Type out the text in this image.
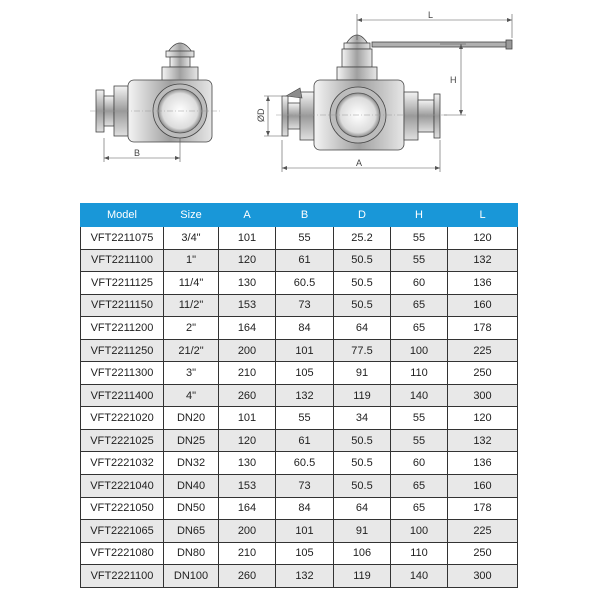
B
L
H
ØD
A
Model	Size	A	B	D	H	L
VFT2211075	3/4"	101	55	25.2	55	120
VFT2211100	1"	120	61	50.5	55	132
VFT2211125	11/4"	130	60.5	50.5	60	136
VFT2211150	11/2"	153	73	50.5	65	160
VFT2211200	2"	164	84	64	65	178
VFT2211250	21/2"	200	101	77.5	100	225
VFT2211300	3"	210	105	91	110	250
VFT2211400	4"	260	132	119	140	300
VFT2221020	DN20	101	55	34	55	120
VFT2221025	DN25	120	61	50.5	55	132
VFT2221032	DN32	130	60.5	50.5	60	136
VFT2221040	DN40	153	73	50.5	65	160
VFT2221050	DN50	164	84	64	65	178
VFT2221065	DN65	200	101	91	100	225
VFT2221080	DN80	210	105	106	110	250
VFT2221100	DN100	260	132	119	140	300
